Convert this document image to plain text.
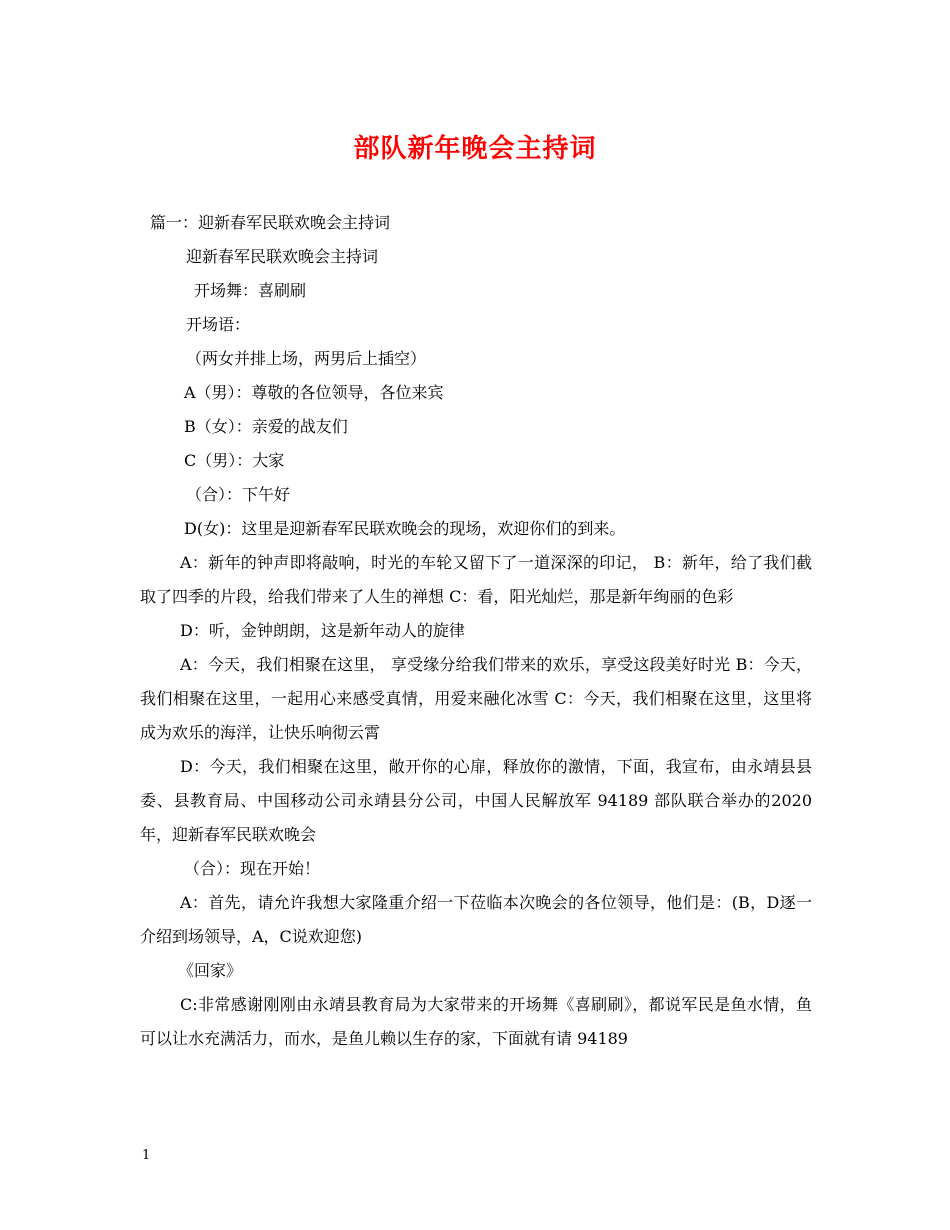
部队新年晚会主持词

篇一：迎新春军民联欢晚会主持词

迎新春军民联欢晚会主持词

开场舞：喜刷刷

开场语：

（两女并排上场，两男后上插空）

A（男）：尊敬的各位领导，各位来宾

B（女）：亲爱的战友们

C（男）：大家

（合）：下午好

D(女)：这里是迎新春军民联欢晚会的现场，欢迎你们的到来。

A：新年的钟声即将敲响，时光的车轮又留下了一道深深的印记， B：新年，给了我们截取了四季的片段，给我们带来了人生的禅想 C：看，阳光灿烂，那是新年绚丽的色彩

D：听，金钟朗朗，这是新年动人的旋律

A：今天，我们相聚在这里， 享受缘分给我们带来的欢乐，享受这段美好时光 B：今天，我们相聚在这里，一起用心来感受真情，用爱来融化冰雪 C：今天，我们相聚在这里，这里将成为欢乐的海洋，让快乐响彻云霄

D：今天，我们相聚在这里，敞开你的心扉，释放你的激情，下面，我宣布，由永靖县县委、县教育局、中国移动公司永靖县分公司，中国人民解放军 94189 部队联合举办的2020年，迎新春军民联欢晚会

（合）：现在开始！

A：首先，请允许我想大家隆重介绍一下莅临本次晚会的各位领导，他们是：(B，D逐一介绍到场领导，A，C说欢迎您)

《回家》

C:非常感谢刚刚由永靖县教育局为大家带来的开场舞《喜刷刷》，都说军民是鱼水情，鱼可以让水充满活力，而水，是鱼儿赖以生存的家，下面就有请 94189

1
